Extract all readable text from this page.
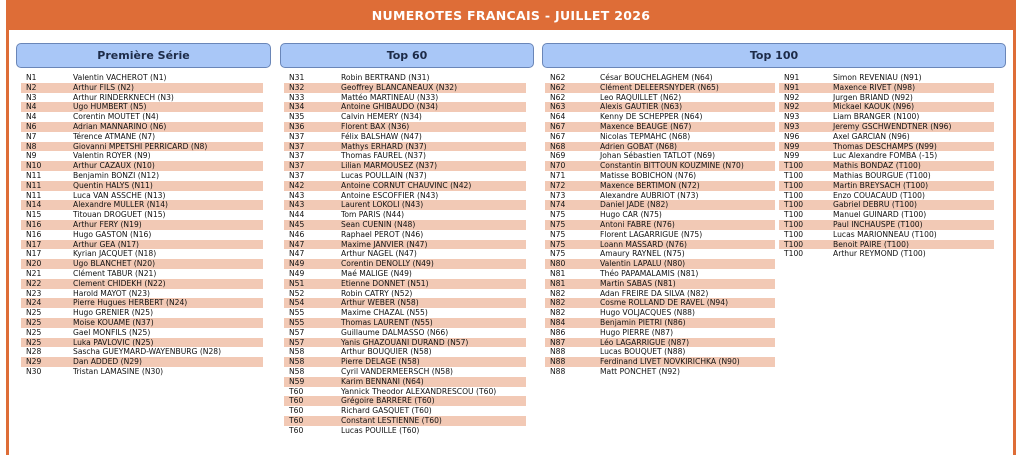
NUMEROTES FRANCAIS - JUILLET 2026
Première Série	Top 60	Top 100
N1	Valentin VACHEROT (N1)
N2	Arthur FILS (N2)
N3	Arthur RINDERKNECH (N3)
N4	Ugo HUMBERT (N5)
N4	Corentin MOUTET (N4)
N6	Adrian MANNARINO (N6)
N7	Térence ATMANE (N7)
N8	Giovanni MPETSHI PERRICARD (N8)
N9	Valentin ROYER (N9)
N10	Arthur CAZAUX (N10)
N11	Benjamin BONZI (N12)
N11	Quentin HALYS (N11)
N11	Luca VAN ASSCHE (N13)
N14	Alexandre MULLER (N14)
N15	Titouan DROGUET (N15)
N16	Arthur FERY (N19)
N16	Hugo GASTON (N16)
N17	Arthur GEA (N17)
N17	Kyrian JACQUET (N18)
N20	Ugo BLANCHET (N20)
N21	Clément TABUR (N21)
N22	Clement CHIDEKH (N22)
N23	Harold MAYOT (N23)
N24	Pierre Hugues HERBERT (N24)
N25	Hugo GRENIER (N25)
N25	Moise KOUAME (N37)
N25	Gael MONFILS (N25)
N25	Luka PAVLOVIC (N25)
N28	Sascha GUEYMARD-WAYENBURG (N28)
N29	Dan ADDED (N29)
N30	Tristan LAMASINE (N30)
N31	Robin BERTRAND (N31)
N32	Geoffrey BLANCANEAUX (N32)
N33	Mattéo MARTINEAU (N33)
N34	Antoine GHIBAUDO (N34)
N35	Calvin HEMERY (N34)
N36	Florent BAX (N36)
N37	Félix BALSHAW (N47)
N37	Mathys ERHARD (N37)
N37	Thomas FAUREL (N37)
N37	Lilian MARMOUSEZ (N37)
N37	Lucas POULLAIN (N37)
N42	Antoine CORNUT CHAUVINC (N42)
N43	Antoine ESCOFFIER (N43)
N43	Laurent LOKOLI (N43)
N44	Tom PARIS (N44)
N45	Sean CUENIN (N48)
N46	Raphael PEROT (N46)
N47	Maxime JANVIER (N47)
N47	Arthur NAGEL (N47)
N49	Corentin DENOLLY (N49)
N49	Maé MALIGE (N49)
N51	Etienne DONNET (N51)
N52	Robin CATRY (N52)
N54	Arthur WEBER (N58)
N55	Maxime CHAZAL (N55)
N55	Thomas LAURENT (N55)
N57	Guillaume DALMASSO (N66)
N57	Yanis GHAZOUANI DURAND (N57)
N58	Arthur BOUQUIER (N58)
N58	Pierre DELAGE (N58)
N58	Cyril VANDERMEERSCH (N58)
N59	Karim BENNANI (N64)
T60	Yannick Theodor ALEXANDRESCOU (T60)
T60	Grégoire BARRERE (T60)
T60	Richard GASQUET (T60)
T60	Constant LESTIENNE (T60)
T60	Lucas POUILLE (T60)
N62	César BOUCHELAGHEM (N64)
N62	Clément DELEERSNYDER (N65)
N62	Leo RAQUILLET (N62)
N63	Alexis GAUTIER (N63)
N64	Kenny DE SCHEPPER (N64)
N67	Maxence BEAUGE (N67)
N67	Nicolas TEPMAHC (N68)
N68	Adrien GOBAT (N68)
N69	Johan Sébastien TATLOT (N69)
N70	Constantin BITTOUN KOUZMINE (N70)
N71	Matisse BOBICHON (N76)
N72	Maxence BERTIMON (N72)
N73	Alexandre AUBRIOT (N73)
N74	Daniel JADE (N82)
N75	Hugo CAR (N75)
N75	Antoni FABRE (N76)
N75	Florent LAGARRIGUE (N75)
N75	Loann MASSARD (N76)
N75	Amaury RAYNEL (N75)
N80	Valentin LAPALU (N80)
N81	Théo PAPAMALAMIS (N81)
N81	Martin SABAS (N81)
N82	Adan FREIRE DA SILVA (N82)
N82	Cosme ROLLAND DE RAVEL (N94)
N82	Hugo VOLJACQUES (N88)
N84	Benjamin PIETRI (N86)
N86	Hugo PIERRE (N87)
N87	Léo LAGARRIGUE (N87)
N88	Lucas BOUQUET (N88)
N88	Ferdinand LIVET NOVKIRICHKA (N90)
N88	Matt PONCHET (N92)
N91	Simon REVENIAU (N91)
N91	Maxence RIVET (N98)
N92	Jurgen BRIAND (N92)
N92	Mickael KAOUK (N96)
N93	Liam BRANGER (N100)
N93	Jeremy GSCHWENDTNER (N96)
N96	Axel GARCIAN (N96)
N99	Thomas DESCHAMPS (N99)
N99	Luc Alexandre FOMBA (-15)
T100	Mathis BONDAZ (T100)
T100	Mathias BOURGUE (T100)
T100	Martin BREYSACH (T100)
T100	Enzo COUACAUD (T100)
T100	Gabriel DEBRU (T100)
T100	Manuel GUINARD (T100)
T100	Paul INCHAUSPE (T100)
T100	Lucas MARIONNEAU (T100)
T100	Benoit PAIRE (T100)
T100	Arthur REYMOND (T100)
